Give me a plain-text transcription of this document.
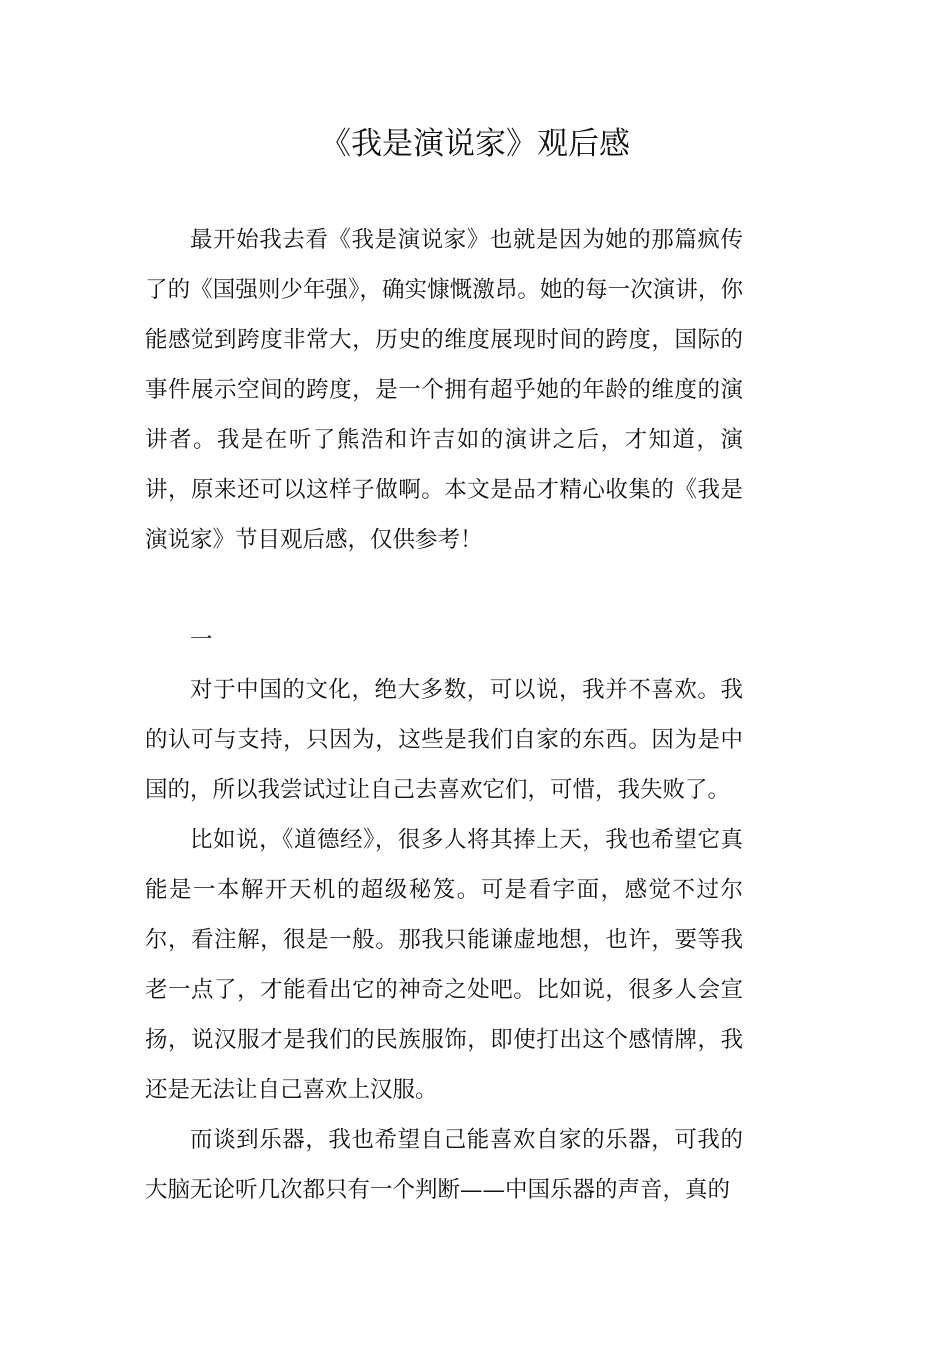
《我是演说家》观后感

最开始我去看《我是演说家》也就是因为她的那篇疯传了的《国强则少年强》，确实慷慨激昂。她的每一次演讲，你能感觉到跨度非常大，历史的维度展现时间的跨度，国际的事件展示空间的跨度，是一个拥有超乎她的年龄的维度的演讲者。我是在听了熊浩和许吉如的演讲之后，才知道，演讲，原来还可以这样子做啊。本文是品才精心收集的《我是演说家》节目观后感，仅供参考！

一

对于中国的文化，绝大多数，可以说，我并不喜欢。我的认可与支持，只因为，这些是我们自家的东西。因为是中国的，所以我尝试过让自己去喜欢它们，可惜，我失败了。

比如说，《道德经》，很多人将其捧上天，我也希望它真能是一本解开天机的超级秘笈。可是看字面，感觉不过尔尔，看注解，很是一般。那我只能谦虚地想，也许，要等我老一点了，才能看出它的神奇之处吧。比如说，很多人会宣扬，说汉服才是我们的民族服饰，即使打出这个感情牌，我还是无法让自己喜欢上汉服。

而谈到乐器，我也希望自己能喜欢自家的乐器，可我的大脑无论听几次都只有一个判断——中国乐器的声音，真的
